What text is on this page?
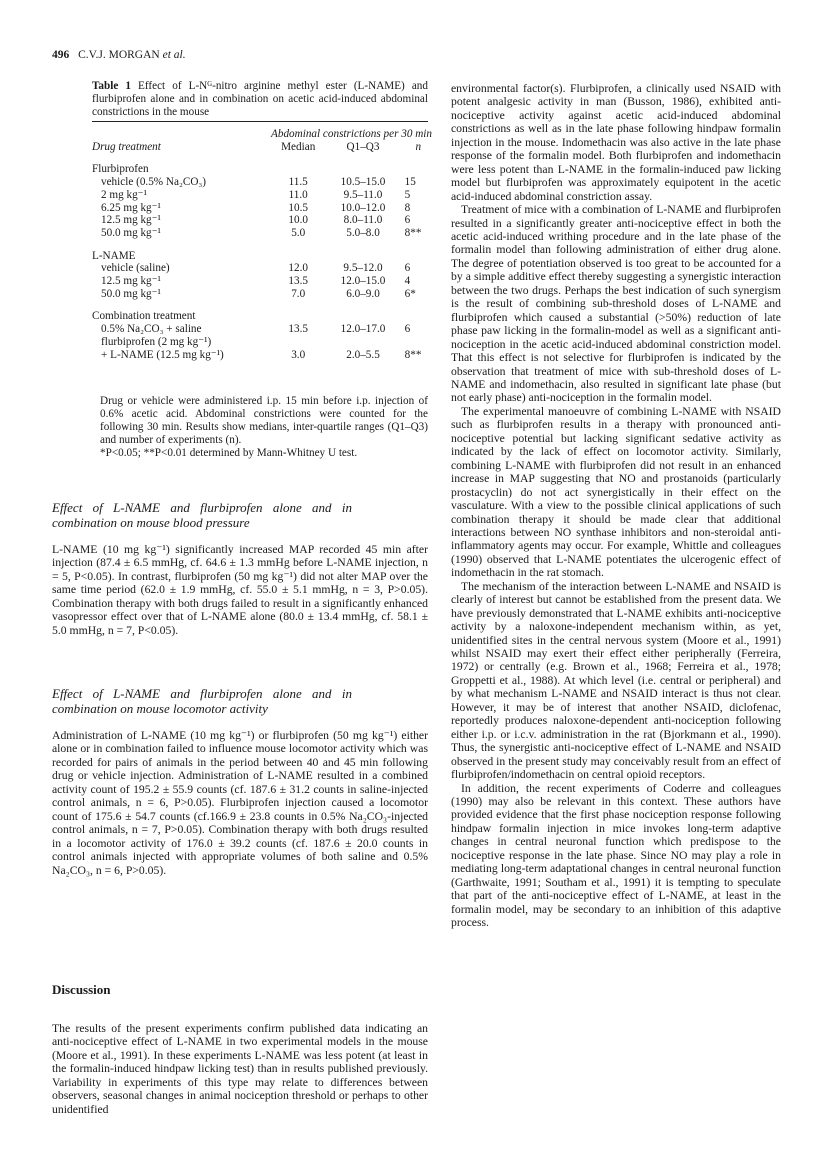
496 C.V.J. MORGAN et al.
Table 1 Effect of L-Nᴳ-nitro arginine methyl ester (L-NAME) and flurbiprofen alone and in combination on acetic acid-induced abdominal constrictions in the mouse
	Abdominal constrictions per 30 min		
Drug treatment	Median	Q1–Q3	n
Flurbiprofen			
vehicle (0.5% Na₂CO₃)	11.5	10.5–15.0	15
2 mg kg⁻¹	11.0	9.5–11.0	5
6.25 mg kg⁻¹	10.5	10.0–12.0	8
12.5 mg kg⁻¹	10.0	8.0–11.0	6
50.0 mg kg⁻¹	5.0	5.0–8.0	8**
L-NAME			
vehicle (saline)	12.0	9.5–12.0	6
12.5 mg kg⁻¹	13.5	12.0–15.0	4
50.0 mg kg⁻¹	7.0	6.0–9.0	6*
Combination treatment			
0.5% Na₂CO₃ + saline	13.5	12.0–17.0	6
flurbiprofen (2 mg kg⁻¹)			
+ L-NAME (12.5 mg kg⁻¹)	3.0	2.0–5.5	8**

Drug or vehicle were administered i.p. 15 min before i.p. injection of 0.6% acetic acid. Abdominal constrictions were counted for the following 30 min. Results show medians, inter-quartile ranges (Q1–Q3) and number of experiments (n).

*P<0.05; **P<0.01 determined by Mann-Whitney U test.

Effect of L-NAME and flurbiprofen alone and in combination on mouse blood pressure

L-NAME (10 mg kg⁻¹) significantly increased MAP recorded 45 min after injection (87.4 ± 6.5 mmHg, cf. 64.6 ± 1.3 mmHg before L-NAME injection, n = 5, P<0.05). In contrast, flurbiprofen (50 mg kg⁻¹) did not alter MAP over the same time period (62.0 ± 1.9 mmHg, cf. 55.0 ± 5.1 mmHg, n = 3, P>0.05). Combination therapy with both drugs failed to result in a significantly enhanced vasopressor effect over that of L-NAME alone (80.0 ± 13.4 mmHg, cf. 58.1 ± 5.0 mmHg, n = 7, P<0.05).

Effect of L-NAME and flurbiprofen alone and in combination on mouse locomotor activity

Administration of L-NAME (10 mg kg⁻¹) or flurbiprofen (50 mg kg⁻¹) either alone or in combination failed to influence mouse locomotor activity which was recorded for pairs of animals in the period between 40 and 45 min following drug or vehicle injection. Administration of L-NAME resulted in a combined activity count of 195.2 ± 55.9 counts (cf. 187.6 ± 31.2 counts in saline-injected control animals, n = 6, P>0.05). Flurbiprofen injection caused a locomotor count of 175.6 ± 54.7 counts (cf.166.9 ± 23.8 counts in 0.5% Na₂CO₃-injected control animals, n = 7, P>0.05). Combination therapy with both drugs resulted in a locomotor activity of 176.0 ± 39.2 counts (cf. 187.6 ± 20.0 counts in control animals injected with appropriate volumes of both saline and 0.5% Na₂CO₃, n = 6, P>0.05).

Discussion

The results of the present experiments confirm published data indicating an anti-nociceptive effect of L-NAME in two experimental models in the mouse (Moore et al., 1991). In these experiments L-NAME was less potent (at least in the formalin-induced hindpaw licking test) than in results published previously. Variability in experiments of this type may relate to differences between observers, seasonal changes in animal nociception threshold or perhaps to other unidentified

environmental factor(s). Flurbiprofen, a clinically used NSAID with potent analgesic activity in man (Busson, 1986), exhibited anti-nociceptive activity against acetic acid-induced abdominal constrictions as well as in the late phase following hindpaw formalin injection in the mouse. Indomethacin was also active in the late phase response of the formalin model. Both flurbiprofen and indomethacin were less potent than L-NAME in the formalin-induced paw licking model but flurbiprofen was approximately equipotent in the acetic acid-induced abdominal constriction assay.

Treatment of mice with a combination of L-NAME and flurbiprofen resulted in a significantly greater anti-nociceptive effect in both the acetic acid-induced writhing procedure and in the late phase of the formalin model than following administration of either drug alone. The degree of potentiation observed is too great to be accounted for a by a simple additive effect thereby suggesting a synergistic interaction between the two drugs. Perhaps the best indication of such synergism is the result of combining sub-threshold doses of L-NAME and flurbiprofen which caused a substantial (>50%) reduction of late phase paw licking in the formalin-model as well as a significant anti-nociception in the acetic acid-induced abdominal constriction model. That this effect is not selective for flurbiprofen is indicated by the observation that treatment of mice with sub-threshold doses of L-NAME and indomethacin, also resulted in significant late phase (but not early phase) anti-nociception in the formalin model.

The experimental manoeuvre of combining L-NAME with NSAID such as flurbiprofen results in a therapy with pronounced anti-nociceptive potential but lacking significant sedative activity as indicated by the lack of effect on locomotor activity. Similarly, combining L-NAME with flurbiprofen did not result in an enhanced increase in MAP suggesting that NO and prostanoids (particularly prostacyclin) do not act synergistically in their effect on the vasculature. With a view to the possible clinical applications of such combination therapy it should be made clear that additional interactions between NO synthase inhibitors and non-steroidal anti-inflammatory agents may occur. For example, Whittle and colleagues (1990) observed that L-NAME potentiates the ulcerogenic effect of indomethacin in the rat stomach.

The mechanism of the interaction between L-NAME and NSAID is clearly of interest but cannot be established from the present data. We have previously demonstrated that L-NAME exhibits anti-nociceptive activity by a naloxone-independent mechanism within, as yet, unidentified sites in the central nervous system (Moore et al., 1991) whilst NSAID may exert their effect either peripherally (Ferreira, 1972) or centrally (e.g. Brown et al., 1968; Ferreira et al., 1978; Groppetti et al., 1988). At which level (i.e. central or peripheral) and by what mechanism L-NAME and NSAID interact is thus not clear. However, it may be of interest that another NSAID, diclofenac, reportedly produces naloxone-dependent anti-nociception following either i.p. or i.c.v. administration in the rat (Bjorkmann et al., 1990). Thus, the synergistic anti-nociceptive effect of L-NAME and NSAID observed in the present study may conceivably result from an effect of flurbiprofen/indomethacin on central opioid receptors.

In addition, the recent experiments of Coderre and colleagues (1990) may also be relevant in this context. These authors have provided evidence that the first phase nociception response following hindpaw formalin injection in mice invokes long-term adaptive changes in central neuronal function which predispose to the nociceptive response in the late phase. Since NO may play a role in mediating long-term adaptational changes in central neuronal function (Garthwaite, 1991; Southam et al., 1991) it is tempting to speculate that part of the anti-nociceptive effect of L-NAME, at least in the formalin model, may be secondary to an inhibition of this adaptive process.
